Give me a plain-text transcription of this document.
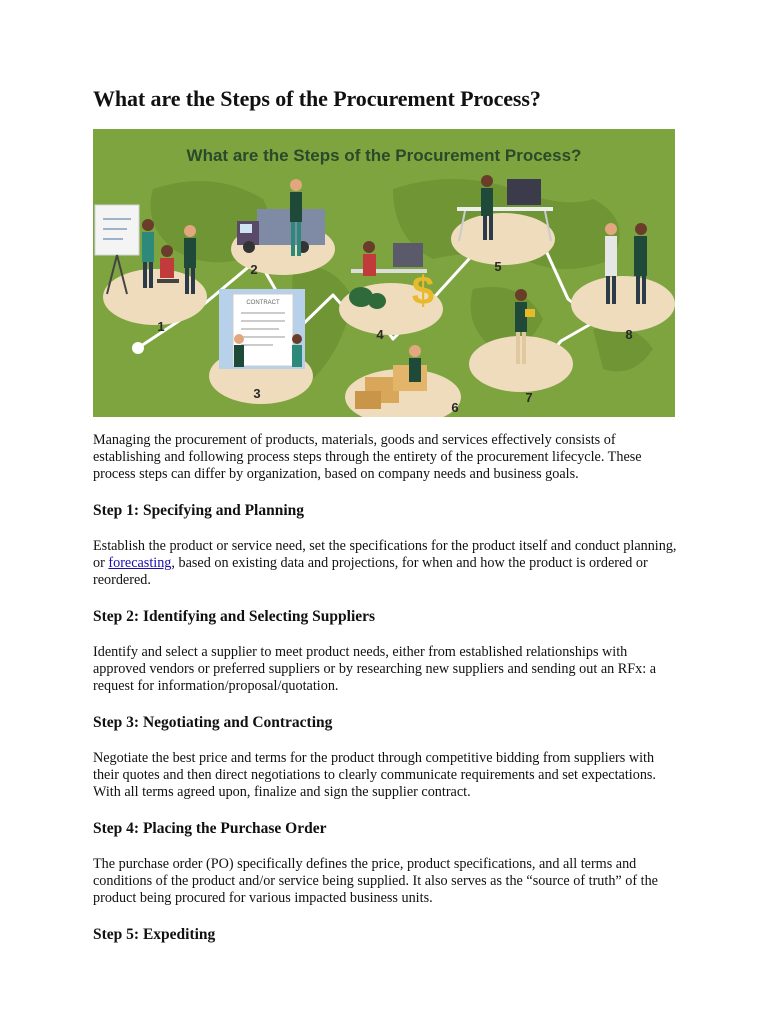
What are the Steps of the Procurement Process?
What are the Steps of the Procurement Process?
CONTRACT	$
1
2
3
4
5
6
7
8

Managing the procurement of products, materials, goods and services effectively consists of establishing and following process steps through the entirety of the procurement lifecycle. These process steps can differ by organization, based on company needs and business goals.

Step 1: Specifying and Planning

Establish the product or service need, set the specifications for the product itself and conduct planning, or forecasting, based on existing data and projections, for when and how the product is ordered or reordered.

Step 2: Identifying and Selecting Suppliers

Identify and select a supplier to meet product needs, either from established relationships with approved vendors or preferred suppliers or by researching new suppliers and sending out an RFx: a request for information/proposal/quotation.

Step 3: Negotiating and Contracting

Negotiate the best price and terms for the product through competitive bidding from suppliers with their quotes and then direct negotiations to clearly communicate requirements and set expectations. With all terms agreed upon, finalize and sign the supplier contract.

Step 4: Placing the Purchase Order

The purchase order (PO) specifically defines the price, product specifications, and all terms and conditions of the product and/or service being supplied. It also serves as the “source of truth” of the product being procured for various impacted business units.

Step 5: Expediting
